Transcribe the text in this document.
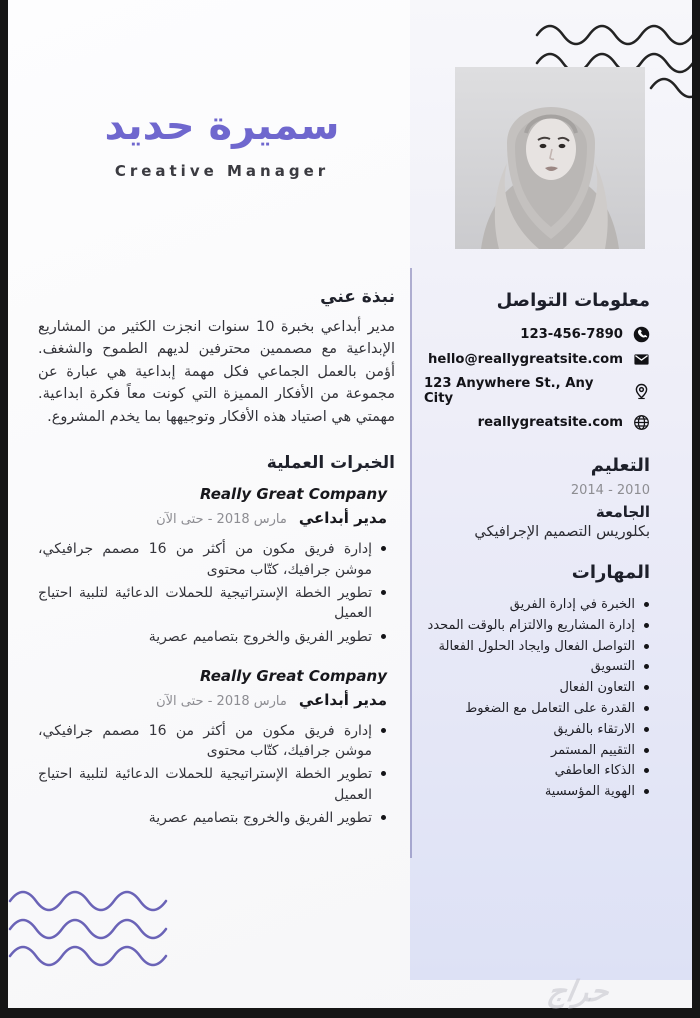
سميرة حديد
Creative Manager
نبذة عني

مدير أبداعي بخبرة 10 سنوات انجزت الكثير من المشاريع الإبداعية مع مصممين محترفين لديهم الطموح والشغف. أؤمن بالعمل الجماعي فكل مهمة إبداعية هي عبارة عن مجموعة من الأفكار المميزة التي كونت معاً فكرة ابداعية. مهمتي هي اصتياد هذه الأفكار وتوجيهها بما يخدم المشروع.

الخبرات العملية
Really Great Company
مدير أبداعي
مارس 2018 - حتى الآن
إدارة فريق مكون من أكثر من 16 مصمم جرافيكي، موشن جرافيك، كتّاب محتوى
تطوير الخطة الإستراتيجية للحملات الدعائية لتلبية احتياج العميل
تطوير الفريق والخروج بتصاميم عصرية
Really Great Company
مدير أبداعي
مارس 2018 - حتى الآن
إدارة فريق مكون من أكثر من 16 مصمم جرافيكي، موشن جرافيك، كتّاب محتوى
تطوير الخطة الإستراتيجية للحملات الدعائية لتلبية احتياج العميل
تطوير الفريق والخروج بتصاميم عصرية
معلومات التواصل
123-456-7890
hello@reallygreatsite.com
123 Anywhere St., Any City
reallygreatsite.com
التعليم
2010 - 2014
الجامعة
بكلوريس التصميم الإجرافيكي
المهارات
الخبرة في إدارة الفريق
إدارة المشاريع والالتزام بالوقت المحدد
التواصل الفعال وايجاد الحلول الفعالة
التسويق
التعاون الفعال
القدرة على التعامل مع الضغوط
الارتقاء بالفريق
التقييم المستمر
الذكاء العاطفي
الهوية المؤسسية
حراج
